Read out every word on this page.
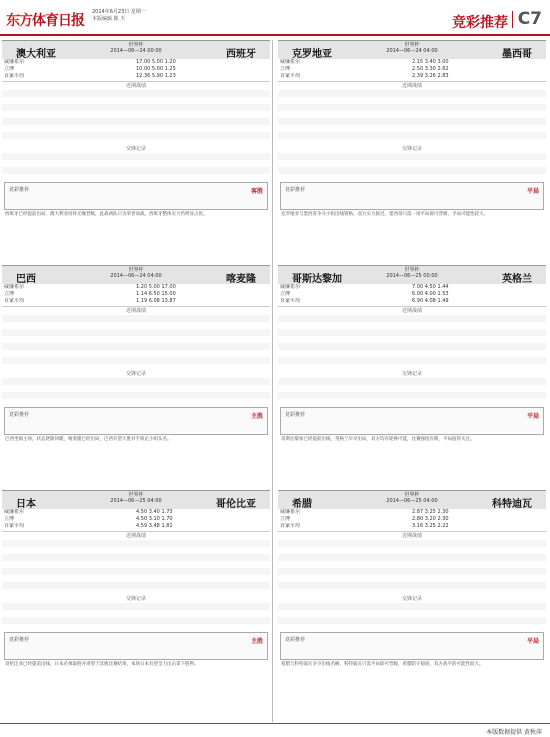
东方体育日报
2014年6月23日 星期一
本版编辑 陈 天	竞彩推荐 C7
澳大利亚
世界杯
2014—06—24 00:00	西班牙
威廉希尔	17.00 5.00 1.20
立博	10.00 5.00 1.25
百家平均	12.36 5.90 1.23
近期战绩
交锋记录
竞彩推荐	客胜
西班牙已经提前出局，澳大利亚同样无缘晋级，此战两队只为荣誉而战。西班牙整体实力仍明显占优。
克罗地亚
世界杯
2014—06—24 04:00	墨西哥
威廉希尔	2.15 3.40 3.00
立博	2.50 3.30 2.62
百家平均	2.39 3.26 2.83
近期战绩
交锋记录
竞彩推荐	平局
克罗地亚与墨西哥争夺小组出线资格，双方实力接近，墨西哥只需一场平局即可晋级，平局可能性较大。
巴西
世界杯
2014—06—24 04:00	喀麦隆
威廉希尔	1.20 5.00 17.00
立博	1.14 6.50 15.00
百家平均	1.19 6.08 13.87
近期战绩
交锋记录
竞彩推荐	主胜
巴西坐镇主场，状态逐渐回暖，喀麦隆已经出局，巴西有望大胜对手锁定小组头名。
哥斯达黎加
世界杯
2014—06—25 00:00	英格兰
威廉希尔	7.00 4.50 1.44
立博	6.00 4.00 1.53
百家平均	6.90 4.08 1.49
近期战绩
交锋记录
竞彩推荐	平局
哥斯达黎加已经提前出线，英格兰早早出局，双方均有轮换可能，比赛强度有限，平局值得关注。
日本
世界杯
2014—06—25 04:00	哥伦比亚
威廉希尔	4.50 3.40 1.73
立博	4.50 3.10 1.70
百家平均	4.59 3.48 1.81
近期战绩
交锋记录
竞彩推荐	主胜
哥伦比亚已经提前出线，日本必须取胜并寄望于其他比赛结果，本场日本有望全力出击拿下胜利。
希腊
世界杯
2014—06—25 04:00	科特迪瓦
威廉希尔	2.87 3.25 2.30
立博	2.80 3.20 2.30
百家平均	3.16 3.25 2.22
近期战绩
交锋记录
竞彩推荐	平局
希腊与科特迪瓦争夺出线名额，科特迪瓦只需平局即可晋级，希腊防守稳固，双方战平的可能性较大。
本版数据提供 黄秋萍
